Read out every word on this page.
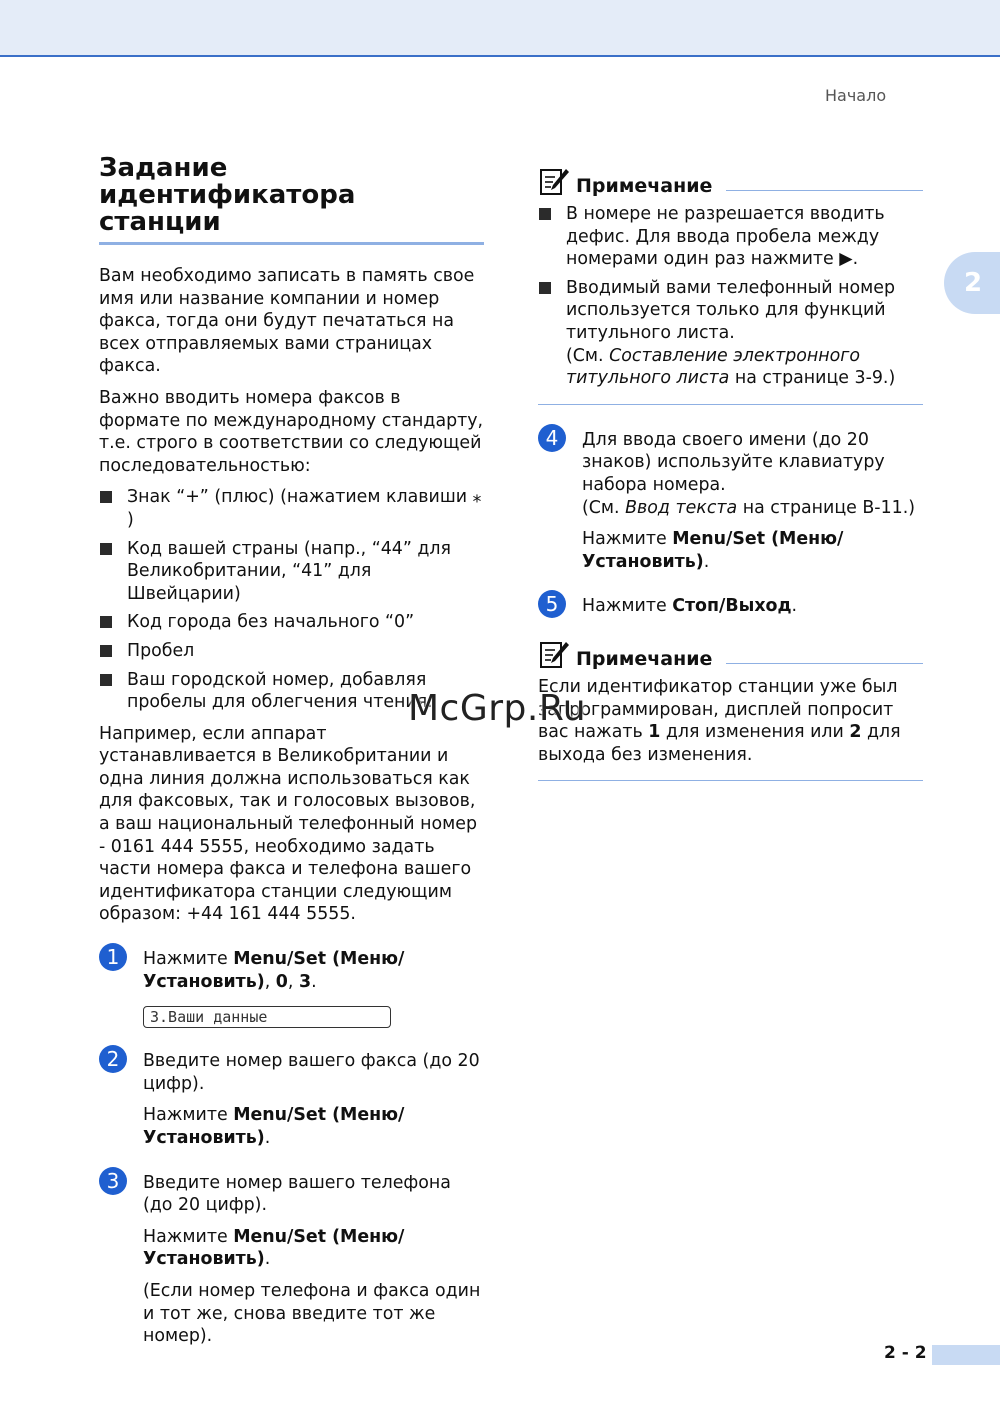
Начало
2
Задание идентификатора станции

Вам необходимо записать в память свое имя или название компании и номер факса, тогда они будут печататься на всех отправляемых вами страницах факса.

Важно вводить номера факсов в формате по международному стандарту, т.е. строго в соответствии со следующей последовательностью:

Знак “+” (плюс) (нажатием клавиши ⁎ )
Код вашей страны (напр., “44” для Великобритании, “41” для Швейцарии)
Код города без начального “0”
Пробел
Ваш городской номер, добавляя пробелы для облегчения чтения.

Например, если аппарат устанавливается в Великобритании и одна линия должна использоваться как для факсовых, так и голосовых вызовов, а ваш национальный телефонный номер - 0161 444 5555, необходимо задать части номера факса и телефона вашего идентификатора станции следующим образом: +44 161 444 5555.

1	Нажмите Menu/Set (Меню/Установить), 0, 3.

3.Ваши данные
2	Введите номер вашего факса (до 20 цифр).

Нажмите Menu/Set (Меню/Установить).

3	Введите номер вашего телефона (до 20 цифр).

Нажмите Menu/Set (Меню/Установить).

(Если номер телефона и факса один и тот же, снова введите тот же номер).

Примечание
В номере не разрешается вводить дефис. Для ввода пробела между номерами один раз нажмите ▶.
Вводимый вами телефонный номер используется только для функций титульного листа.
(См. Составление электронного титульного листа на странице 3-9.)
4	Для ввода своего имени (до 20 знаков) используйте клавиатуру набора номера.
(См. Ввод текста на странице B-11.)

Нажмите Menu/Set (Меню/Установить).

5	Нажмите Стоп/Выход.

Примечание

Если идентификатор станции уже был запрограммирован, дисплей попросит вас нажать 1 для изменения или 2 для выхода без изменения.

McGrp.Ru
2 - 2
